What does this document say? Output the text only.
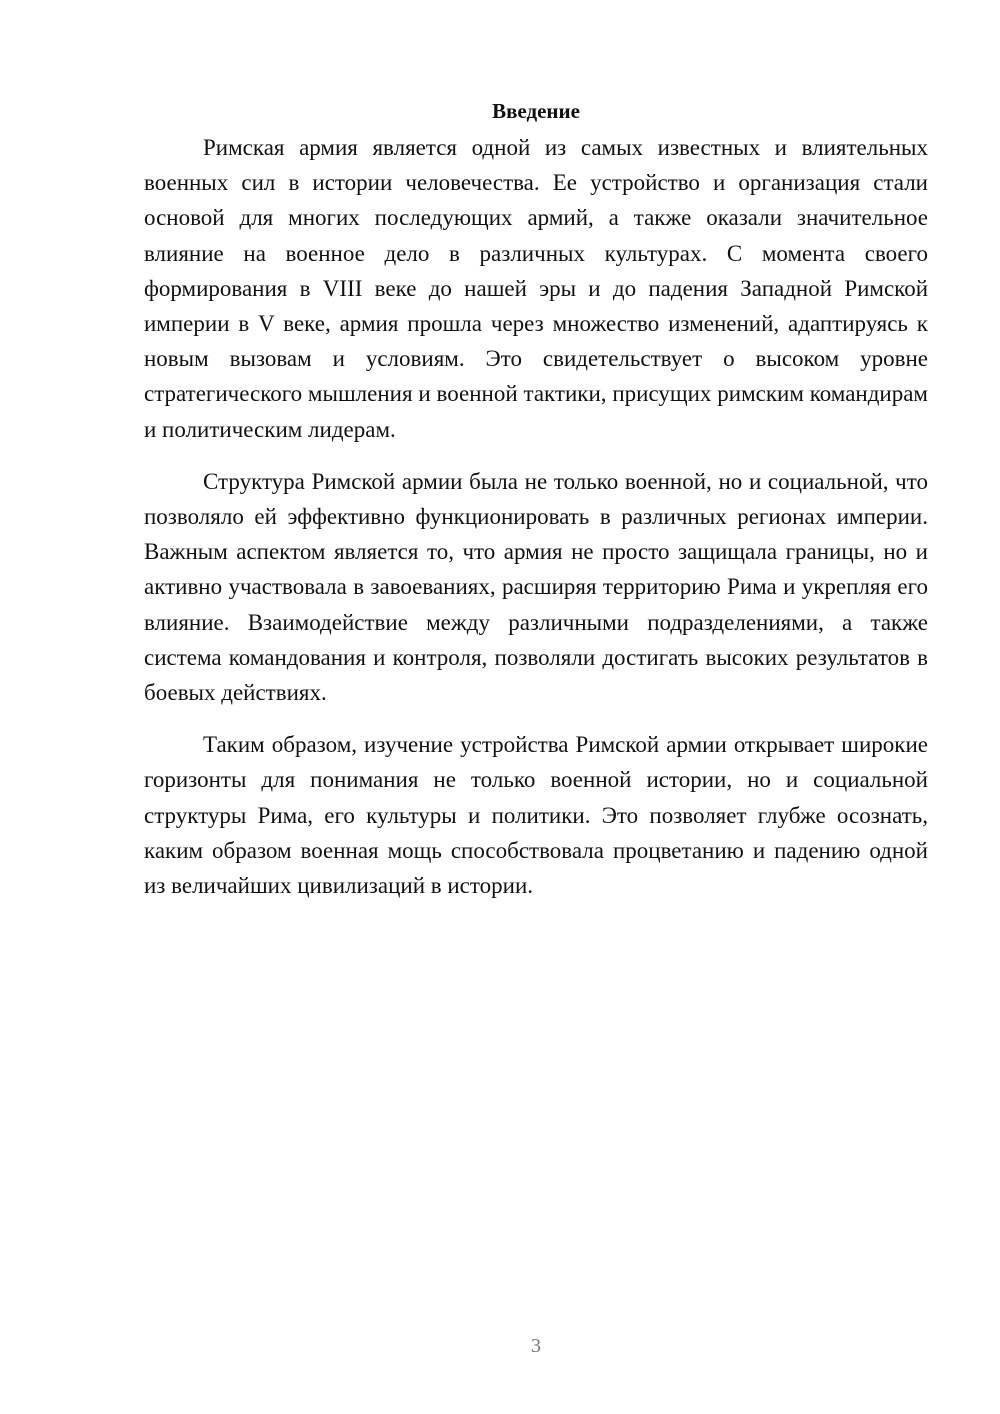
Введение

Римская армия является одной из самых известных и влиятельных военных сил в истории человечества. Ее устройство и организация стали основой для многих последующих армий, а также оказали значительное влияние на военное дело в различных культурах. С момента своего формирования в VIII веке до нашей эры и до падения Западной Римской империи в V веке, армия прошла через множество изменений, адаптируясь к новым вызовам и условиям. Это свидетельствует о высоком уровне стратегического мышления и военной тактики, присущих римским командирам и политическим лидерам.

Структура Римской армии была не только военной, но и социальной, что позволяло ей эффективно функционировать в различных регионах империи. Важным аспектом является то, что армия не просто защищала границы, но и активно участвовала в завоеваниях, расширяя территорию Рима и укрепляя его влияние. Взаимодействие между различными подразделениями, а также система командования и контроля, позволяли достигать высоких результатов в боевых действиях.

Таким образом, изучение устройства Римской армии открывает широкие горизонты для понимания не только военной истории, но и социальной структуры Рима, его культуры и политики. Это позволяет глубже осознать, каким образом военная мощь способствовала процветанию и падению одной из величайших цивилизаций в истории.

3
